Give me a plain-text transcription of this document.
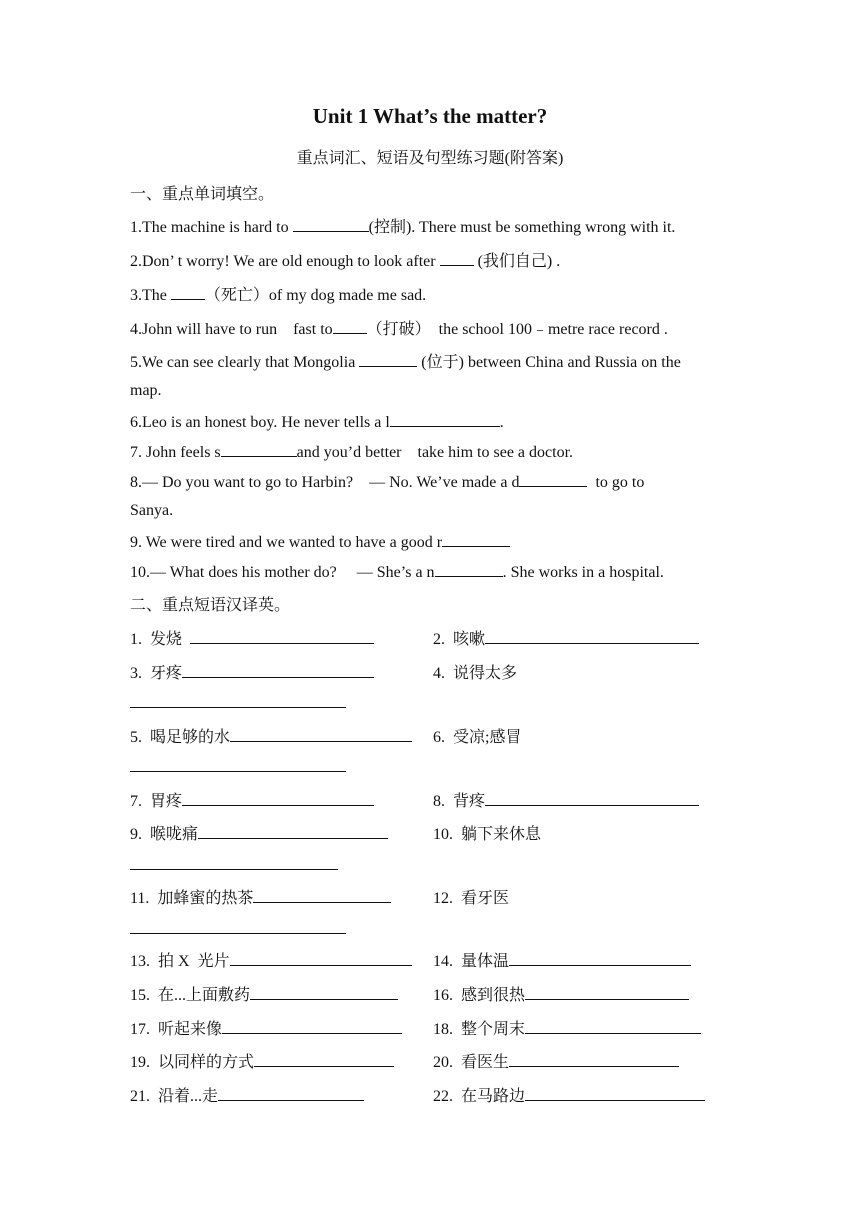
Unit 1 What’s the matter?
重点词汇、短语及句型练习题(附答案)
一、重点单词填空。
1.The machine is hard to	(控制). There must be something wrong with it.
2.Don’ t worry! We are old enough to look after  (我们自己) .
3.The （死亡）of my dog made me sad.
4.John will have to run    fast to （打破）  the school 100﹣metre race record .
5.We can see clearly that Mongolia	(位于) between China and Russia on the
map.
6.Leo is an honest boy. He never tells a l	.
7. John feels s	and you’d better    take him to see a doctor.
8.— Do you want to go to Harbin?    — No. We’ve made a d	to go to
Sanya.
9. We were tired and we wanted to have a good r
10.— What does his mother do?     — She’s a n	. She works in a hospital.
二、重点短语汉译英。
1.  发烧	2.  咳嗽
3.  牙疼	4.  说得太多
5.  喝足够的水	6.  受凉;感冒
7.  胃疼	8.  背疼
9.  喉咙痛	10.  躺下来休息
11.  加蜂蜜的热茶	12.  看牙医
13.  拍 X  光片	14.  量体温
15.  在...上面敷药	16.  感到很热
17.  听起来像	18.  整个周末
19.  以同样的方式	20.  看医生
21.  沿着...走	22.  在马路边
